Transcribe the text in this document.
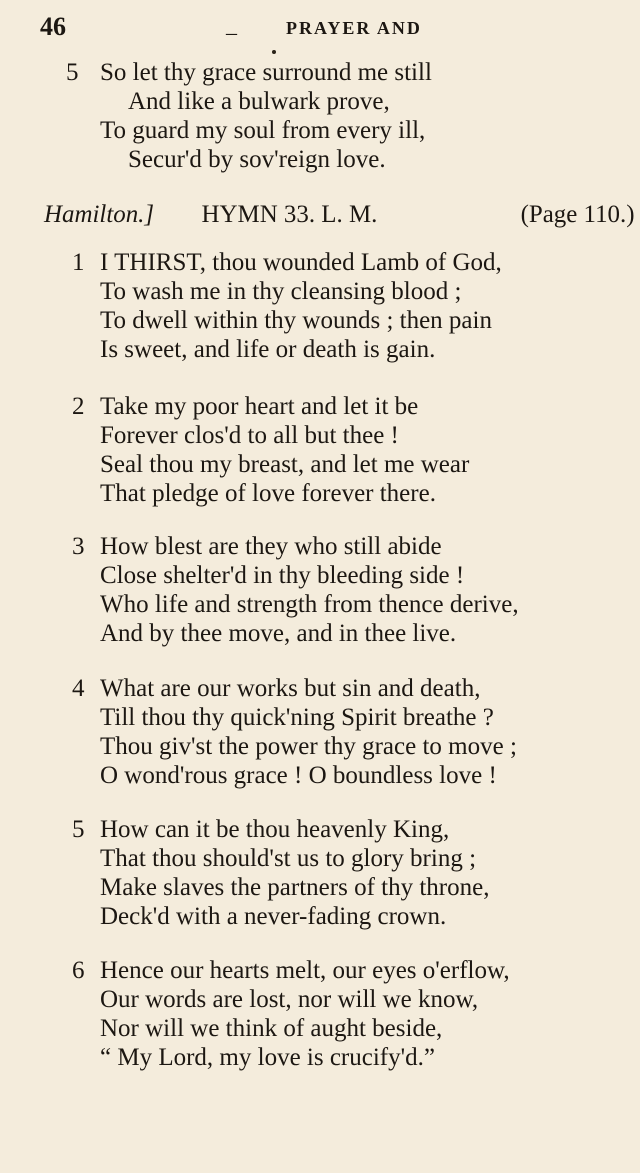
46	_	PRAYER AND
5 So let thy grace surround me still
And like a bulwark prove,
To guard my soul from every ill,
Secur'd by sov'reign love.
Hamilton.] HYMN 33. L. M.	(Page 110.)
1 I THIRST, thou wounded Lamb of God,
To wash me in thy cleansing blood ;
To dwell within thy wounds ; then pain
Is sweet, and life or death is gain.
2 Take my poor heart and let it be
Forever clos'd to all but thee !
Seal thou my breast, and let me wear
That pledge of love forever there.
3 How blest are they who still abide
Close shelter'd in thy bleeding side !
Who life and strength from thence derive,
And by thee move, and in thee live.
4 What are our works but sin and death,
Till thou thy quick'ning Spirit breathe ?
Thou giv'st the power thy grace to move ;
O wond'rous grace ! O boundless love !
5 How can it be thou heavenly King,
That thou should'st us to glory bring ;
Make slaves the partners of thy throne,
Deck'd with a never-fading crown.
6 Hence our hearts melt, our eyes o'erflow,
Our words are lost, nor will we know,
Nor will we think of aught beside,
“ My Lord, my love is crucify'd.”
